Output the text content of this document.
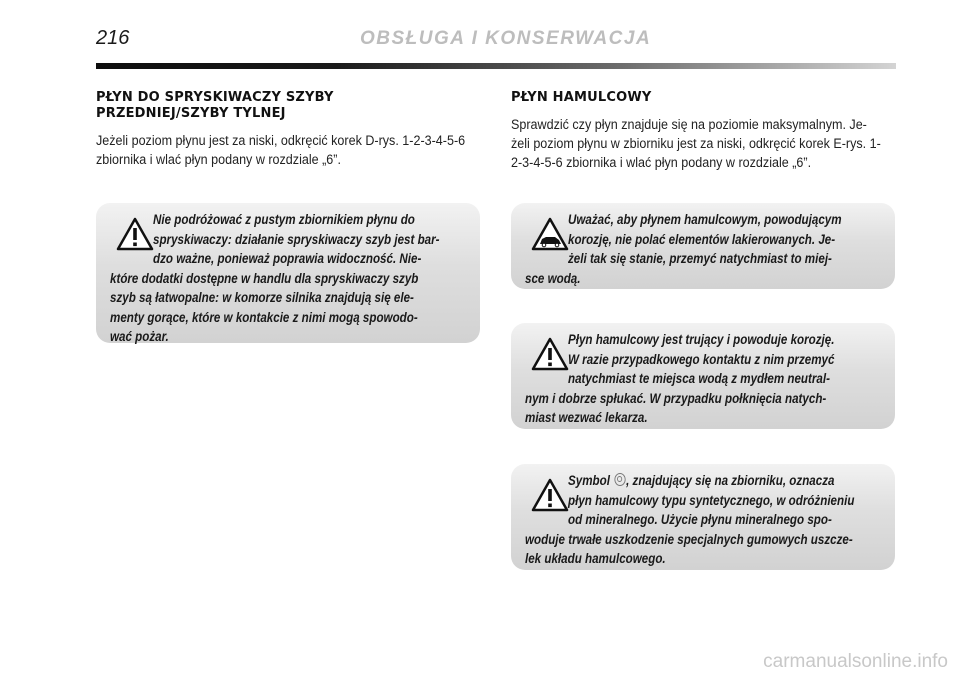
216	OBSŁUGA I KONSERWACJA
PŁYN DO SPRYSKIWACZY SZYBY
PRZEDNIEJ/SZYBY TYLNEJ

Jeżeli poziom płynu jest za niski, odkręcić korek D-rys. 1-2-3-4-5-6
zbiornika i wlać płyn podany w rozdziale „6”.

Nie podróżować z pustym zbiornikiem płynu do
spryskiwaczy: działanie spryskiwaczy szyb jest bar-
dzo ważne, ponieważ poprawia widoczność. Nie-
które dodatki dostępne w handlu dla spryskiwaczy szyb
szyb są łatwopalne: w komorze silnika znajdują się ele-
menty gorące, które w kontakcie z nimi mogą spowodo-
wać pożar.
PŁYN HAMULCOWY

Sprawdzić czy płyn znajduje się na poziomie maksymalnym. Je-
żeli poziom płynu w zbiorniku jest za niski, odkręcić korek E-rys. 1-
2-3-4-5-6 zbiornika i wlać płyn podany w rozdziale „6”.

Uważać, aby płynem hamulcowym, powodującym
korozję, nie polać elementów lakierowanych. Je-
żeli tak się stanie, przemyć natychmiast to miej-
sce wodą.
Płyn hamulcowy jest trujący i powoduje korozję.
W razie przypadkowego kontaktu z nim przemyć
natychmiast te miejsca wodą z mydłem neutral-
nym i dobrze spłukać. W przypadku połknięcia natych-
miast wezwać lekarza.
Symbol , znajdujący się na zbiorniku, oznacza
płyn hamulcowy typu syntetycznego, w odróżnieniu
od mineralnego. Użycie płynu mineralnego spo-
woduje trwałe uszkodzenie specjalnych gumowych uszcze-
lek układu hamulcowego.
carmanualsonline.info
